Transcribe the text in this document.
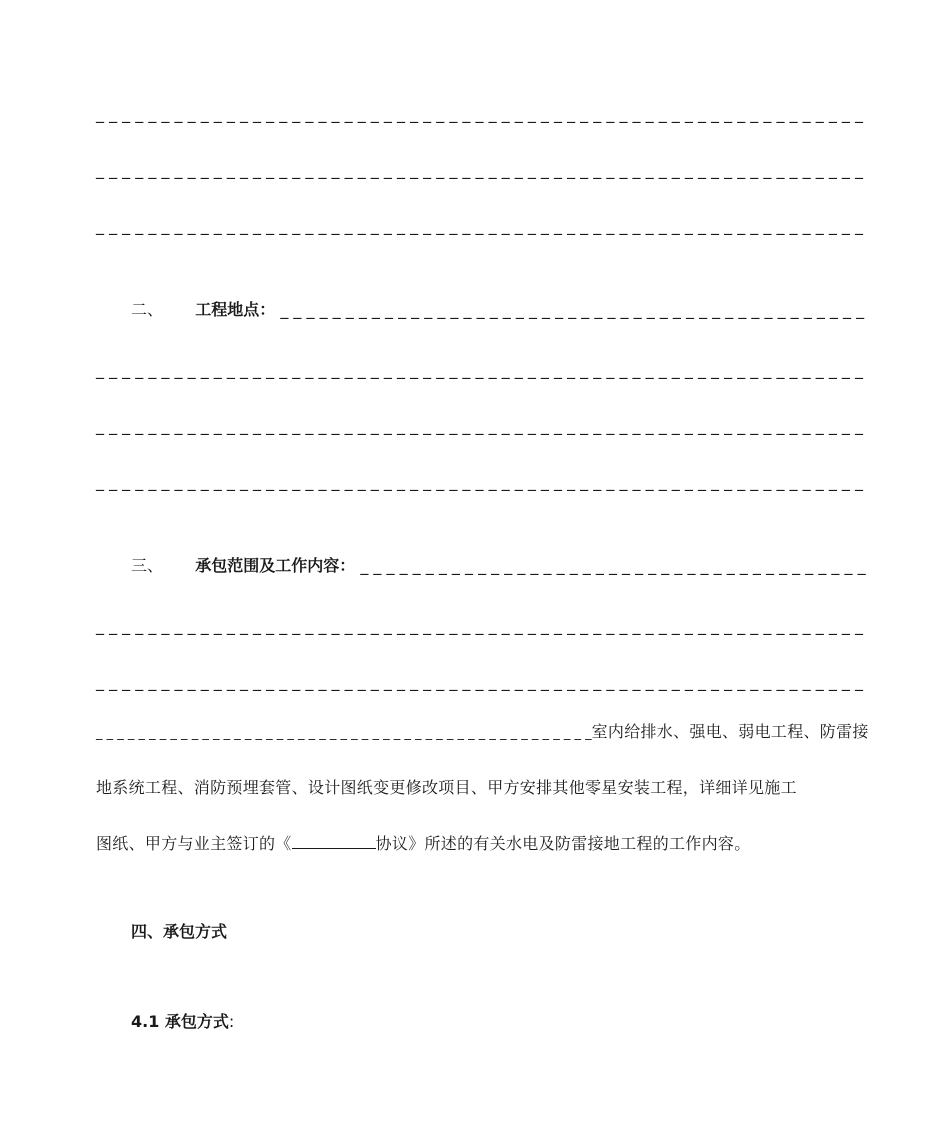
_ _ _ _ _ _ _ _ _ _ _ _ _ _ _ _ _ _ _ _ _ _ _ _ _ _ _ _ _ _ _ _ _ _ _ _ _ _ _ _ _ _ _ _ _ _ _ _ _ _ _ _ _ _ _ _ _ _ _
_ _ _ _ _ _ _ _ _ _ _ _ _ _ _ _ _ _ _ _ _ _ _ _ _ _ _ _ _ _ _ _ _ _ _ _ _ _ _ _ _ _ _ _ _ _ _ _ _ _ _ _ _ _ _ _ _ _ _
_ _ _ _ _ _ _ _ _ _ _ _ _ _ _ _ _ _ _ _ _ _ _ _ _ _ _ _ _ _ _ _ _ _ _ _ _ _ _ _ _ _ _ _ _ _ _ _ _ _ _ _ _ _ _ _ _ _ _
二、 工程地点： _ _ _ _ _ _ _ _ _ _ _ _ _ _ _ _ _ _ _ _ _ _ _ _ _ _ _ _ _ _ _ _ _ _ _ _ _ _ _ _ _ _ _ _ _
_ _ _ _ _ _ _ _ _ _ _ _ _ _ _ _ _ _ _ _ _ _ _ _ _ _ _ _ _ _ _ _ _ _ _ _ _ _ _ _ _ _ _ _ _ _ _ _ _ _ _ _ _ _ _ _ _ _ _
_ _ _ _ _ _ _ _ _ _ _ _ _ _ _ _ _ _ _ _ _ _ _ _ _ _ _ _ _ _ _ _ _ _ _ _ _ _ _ _ _ _ _ _ _ _ _ _ _ _ _ _ _ _ _ _ _ _ _
_ _ _ _ _ _ _ _ _ _ _ _ _ _ _ _ _ _ _ _ _ _ _ _ _ _ _ _ _ _ _ _ _ _ _ _ _ _ _ _ _ _ _ _ _ _ _ _ _ _ _ _ _ _ _ _ _ _ _
三、 承包范围及工作内容： _ _ _ _ _ _ _ _ _ _ _ _ _ _ _ _ _ _ _ _ _ _ _ _ _ _ _ _ _ _ _ _ _ _ _ _ _ _ _
_ _ _ _ _ _ _ _ _ _ _ _ _ _ _ _ _ _ _ _ _ _ _ _ _ _ _ _ _ _ _ _ _ _ _ _ _ _ _ _ _ _ _ _ _ _ _ _ _ _ _ _ _ _ _ _ _ _ _
_ _ _ _ _ _ _ _ _ _ _ _ _ _ _ _ _ _ _ _ _ _ _ _ _ _ _ _ _ _ _ _ _ _ _ _ _ _ _ _ _ _ _ _ _ _ _ _ _ _ _ _ _ _ _ _ _ _ _
_ _ _ _ _ _ _ _ _ _ _ _ _ _ _ _ _ _ _ _ _ _ _ _ _ _ _ _ _ _ _ _ _ _ _ _ _ _ _ _ _ _ _ _ _ _ _室内给排水、强电、弱电工程、防雷接
地系统工程、消防预埋套管、设计图纸变更修改项目、甲方安排其他零星安装工程，详细详见施工
图纸、甲方与业主签订的《	协议》所述的有关水电及防雷接地工程的工作内容。
四、承包方式
4.1 承包方式:
